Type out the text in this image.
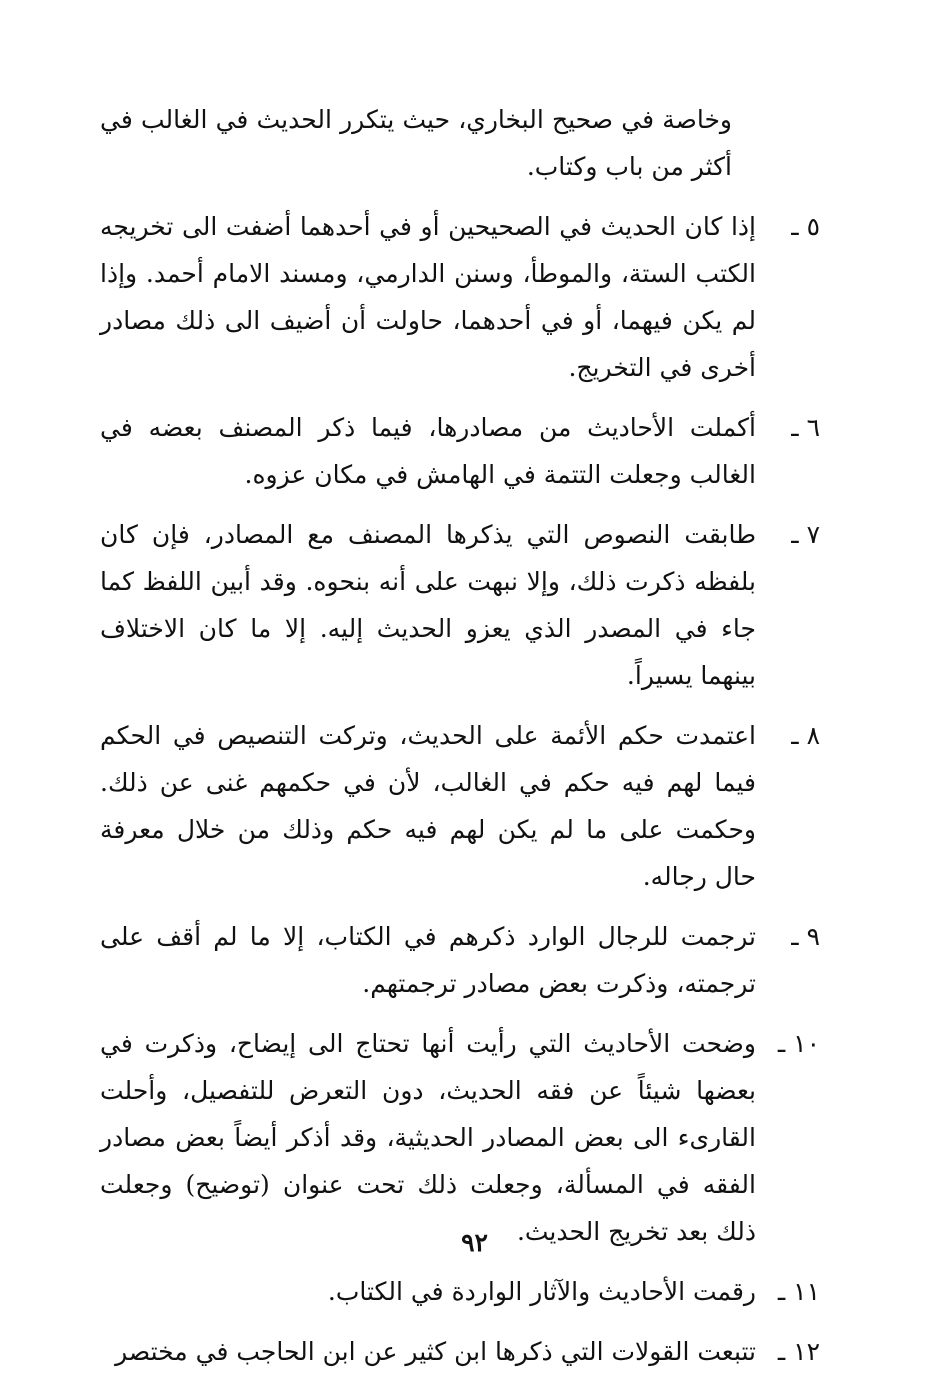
وخاصة في صحيح البخاري، حيث يتكرر الحديث في الغالب في أكثر من باب وكتاب.

٥ ـ
إذا كان الحديث في الصحيحين أو في أحدهما أضفت الى تخريجه الكتب الستة، والموطأ، وسنن الدارمي، ومسند الامام أحمد. وإذا لم يكن فيهما، أو في أحدهما، حاولت أن أضيف الى ذلك مصادر أخرى في التخريج.
٦ ـ
أكملت الأحاديث من مصادرها، فيما ذكر المصنف بعضه في الغالب وجعلت التتمة في الهامش في مكان عزوه.
٧ ـ
طابقت النصوص التي يذكرها المصنف مع المصادر، فإن كان بلفظه ذكرت ذلك، وإلا نبهت على أنه بنحوه. وقد أبين اللفظ كما جاء في المصدر الذي يعزو الحديث إليه. إلا ما كان الاختلاف بينهما يسيراً.
٨ ـ
اعتمدت حكم الأئمة على الحديث، وتركت التنصيص في الحكم فيما لهم فيه حكم في الغالب، لأن في حكمهم غنى عن ذلك. وحكمت على ما لم يكن لهم فيه حكم وذلك من خلال معرفة حال رجاله.
٩ ـ
ترجمت للرجال الوارد ذكرهم في الكتاب، إلا ما لم أقف على ترجمته، وذكرت بعض مصادر ترجمتهم.
١٠ ـ
وضحت الأحاديث التي رأيت أنها تحتاج الى إيضاح، وذكرت في بعضها شيئاً عن فقه الحديث، دون التعرض للتفصيل، وأحلت القارىء الى بعض المصادر الحديثية، وقد أذكر أيضاً بعض مصادر الفقه في المسألة، وجعلت ذلك تحت عنوان (توضيح) وجعلت ذلك بعد تخريج الحديث.
١١ ـ
رقمت الأحاديث والآثار الواردة في الكتاب.
١٢ ـ
تتبعت القولات التي ذكرها ابن كثير عن ابن الحاجب في مختصر
٩٢
